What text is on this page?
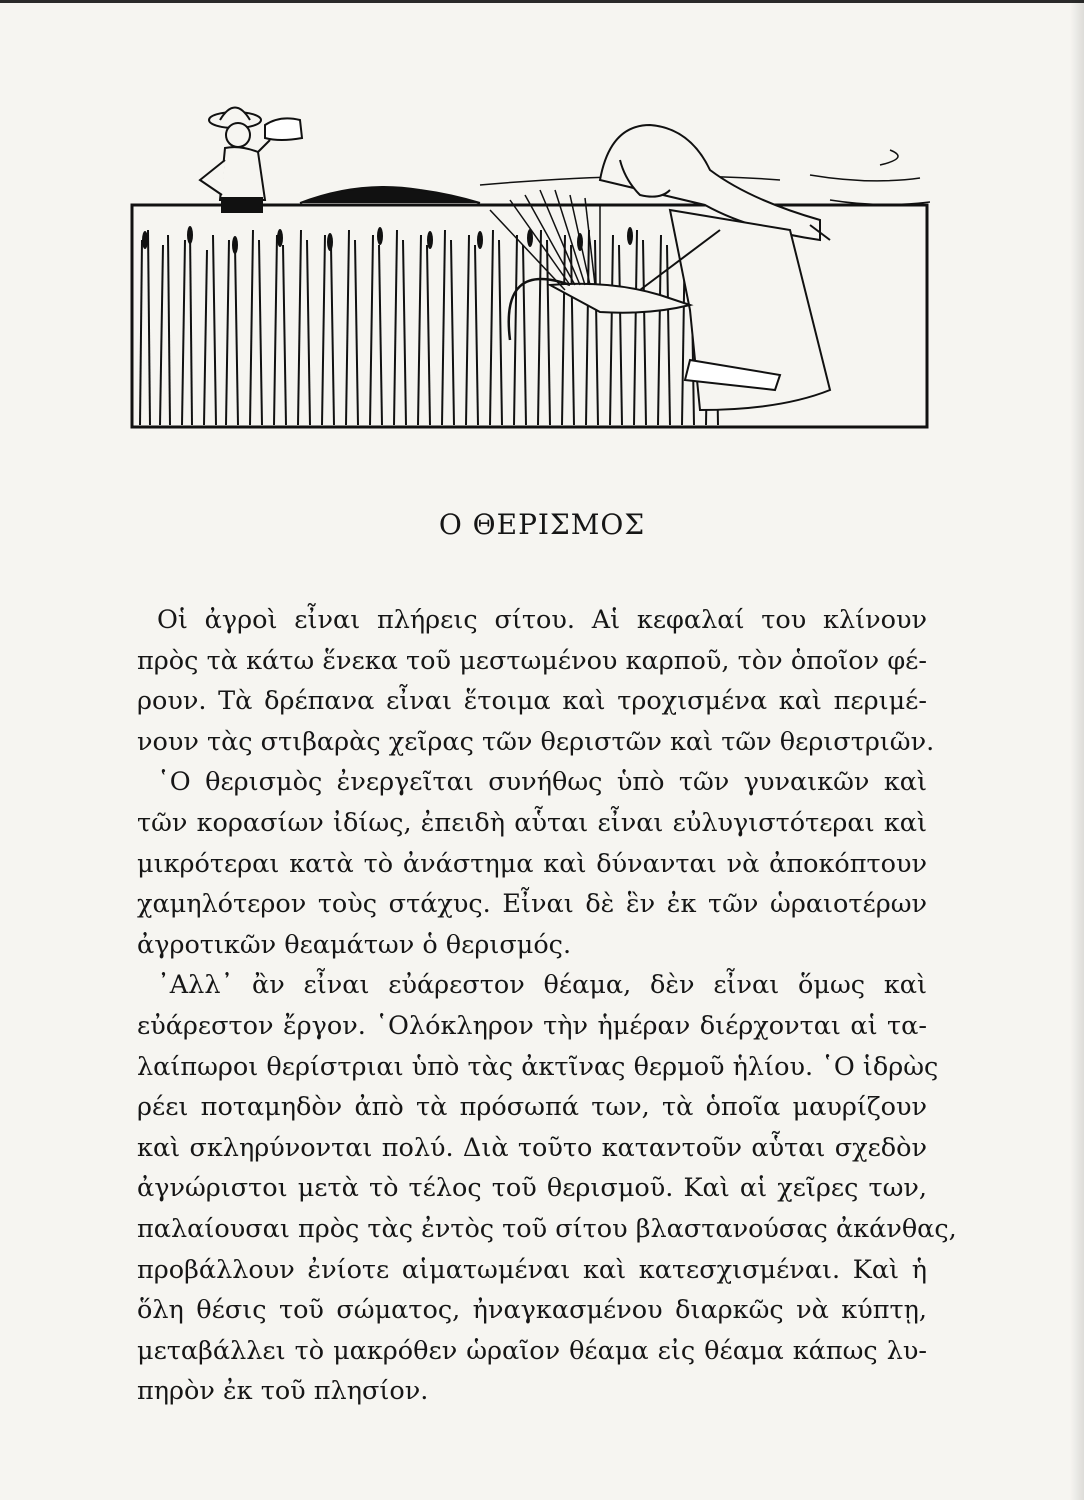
Ο ΘΕΡΙΣΜΟΣ

Οἱ ἀγροὶ εἶναι πλήρεις σίτου. Αἱ κεφαλαί του κλίνουν
πρὸς τὰ κάτω ἕνεκα τοῦ μεστωμένου καρποῦ, τὸν ὁποῖον φέ-
ρουν. Τὰ δρέπανα εἶναι ἕτοιμα καὶ τροχισμένα καὶ περιμέ-
νουν τὰς στιβαρὰς χεῖρας τῶν θεριστῶν καὶ τῶν θεριστριῶν.

῾Ο θερισμὸς ἐνεργεῖται συνήθως ὑπὸ τῶν γυναικῶν καὶ
τῶν κορασίων ἰδίως, ἐπειδὴ αὗται εἶναι εὐλυγιστότεραι καὶ
μικρότεραι κατὰ τὸ ἀνάστημα καὶ δύνανται νὰ ἀποκόπτουν
χαμηλότερον τοὺς στάχυς. Εἶναι δὲ ἓν ἐκ τῶν ὡραιοτέρων
ἀγροτικῶν θεαμάτων ὁ θερισμός.

᾿Αλλ᾿ ἂν εἶναι εὐάρεστον θέαμα, δὲν εἶναι ὅμως καὶ
εὐάρεστον ἔργον. ῾Ολόκληρον τὴν ἡμέραν διέρχονται αἱ τα-
λαίπωροι θερίστριαι ὑπὸ τὰς ἀκτῖνας θερμοῦ ἡλίου. ῾Ο ἱδρὼς
ρέει ποταμηδὸν ἀπὸ τὰ πρόσωπά των, τὰ ὁποῖα μαυρίζουν
καὶ σκληρύνονται πολύ. Διὰ τοῦτο καταντοῦν αὗται σχεδὸν
ἀγνώριστοι μετὰ τὸ τέλος τοῦ θερισμοῦ. Καὶ αἱ χεῖρες των,
παλαίουσαι πρὸς τὰς ἐντὸς τοῦ σίτου βλαστανούσας ἀκάνθας,
προβάλλουν ἐνίοτε αἱματωμέναι καὶ κατεσχισμέναι. Καὶ ἡ
ὅλη θέσις τοῦ σώματος, ἠναγκασμένου διαρκῶς νὰ κύπτῃ,
μεταβάλλει τὸ μακρόθεν ὡραῖον θέαμα εἰς θέαμα κάπως λυ-
πηρὸν ἐκ τοῦ πλησίον.
